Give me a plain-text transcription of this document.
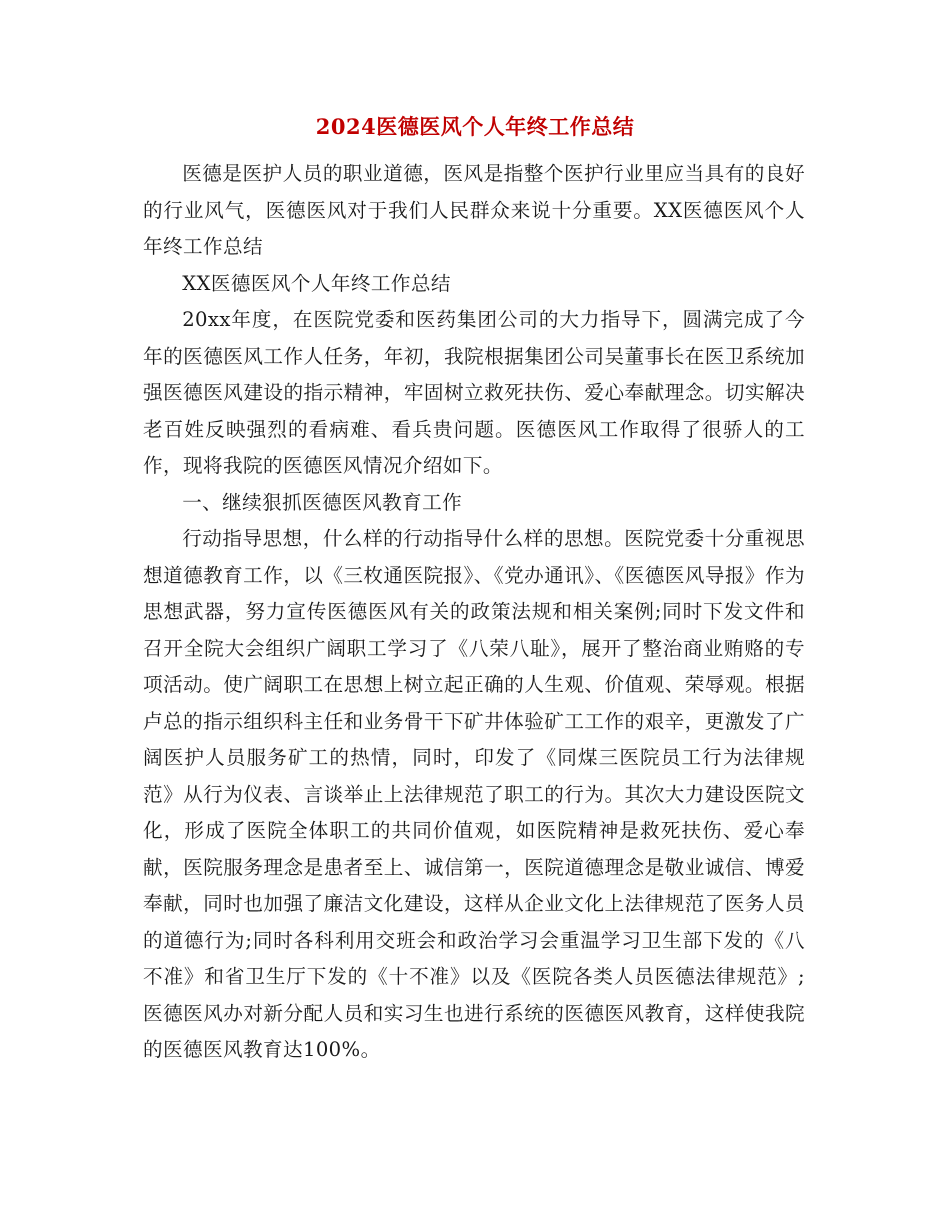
2024医德医风个人年终工作总结

医德是医护人员的职业道德，医风是指整个医护行业里应当具有的良好的行业风气，医德医风对于我们人民群众来说十分重要。XX医德医风个人年终工作总结

XX医德医风个人年终工作总结

20xx年度，在医院党委和医药集团公司的大力指导下，圆满完成了今年的医德医风工作人任务，年初，我院根据集团公司吴董事长在医卫系统加强医德医风建设的指示精神，牢固树立救死扶伤、爱心奉献理念。切实解决老百姓反映强烈的看病难、看兵贵问题。医德医风工作取得了很骄人的工作，现将我院的医德医风情况介绍如下。

一、继续狠抓医德医风教育工作

行动指导思想，什么样的行动指导什么样的思想。医院党委十分重视思想道德教育工作，以《三枚通医院报》、《党办通讯》、《医德医风导报》作为思想武器，努力宣传医德医风有关的政策法规和相关案例;同时下发文件和召开全院大会组织广阔职工学习了《八荣八耻》，展开了整治商业贿赂的专项活动。使广阔职工在思想上树立起正确的人生观、价值观、荣辱观。根据卢总的指示组织科主任和业务骨干下矿井体验矿工工作的艰辛，更激发了广阔医护人员服务矿工的热情，同时，印发了《同煤三医院员工行为法律规范》从行为仪表、言谈举止上法律规范了职工的行为。其次大力建设医院文化，形成了医院全体职工的共同价值观，如医院精神是救死扶伤、爱心奉献，医院服务理念是患者至上、诚信第一，医院道德理念是敬业诚信、博爱奉献，同时也加强了廉洁文化建设，这样从企业文化上法律规范了医务人员的道德行为;同时各科利用交班会和政治学习会重温学习卫生部下发的《八不准》和省卫生厅下发的《十不准》以及《医院各类人员医德法律规范》;医德医风办对新分配人员和实习生也进行系统的医德医风教育，这样使我院的医德医风教育达100%。
